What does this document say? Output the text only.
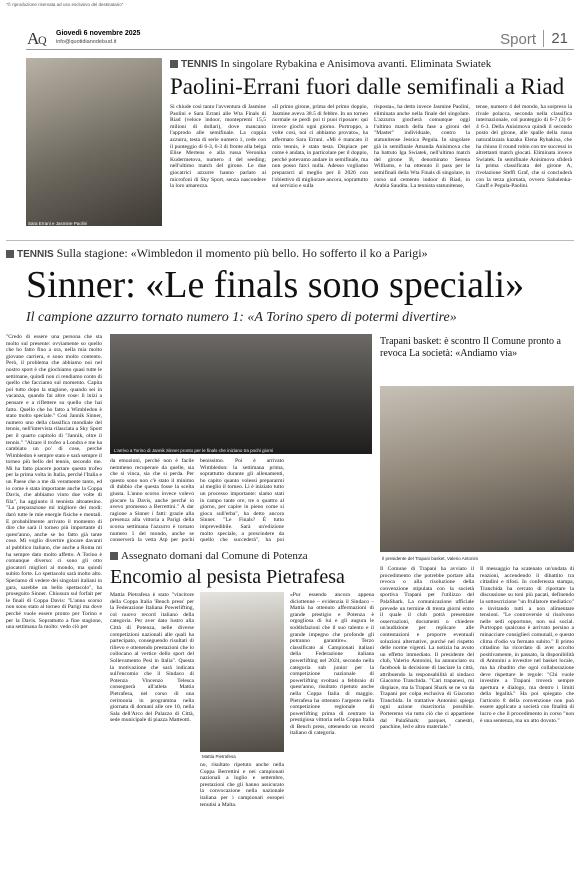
"© riproduzione riservata ad uso esclusivo del destinatario"
A
Q Giovedì 6 novembre 2025
info@quotidianodelsud.it	Sport 21
Sara Errani e Jasmine Paolini
TENNIS In singolare Rybakina e Anisimova avanti. Eliminata Swiatek
Paolini-Errani fuori dalle semifinali a Riad
Si chiude così tanto l'avventura di Jasmine Paolini e Sara Errani alle Wta Finals di Riad (veloce indoor, montepremi 15,5 milioni di dollari), dove mancano l'approdo alle semifinale. La coppia azzurra, testa di serie numero 1, cede con il punteggio di 6-3, 6-3 di fronte alla belga Elise Mertens e alla russa Veronika Kudermetova, numero 4 del seeding; nell'ultimo match del girone. Le due giocatrici azzurre hanno parlato ai microfoni di Sky Sport, senza nascondere la loro amarezza.
«Il primo girone, prima del primo doppio, Jasmine aveva 38.5 di febbre. In un torneo normale se perdi poi ti puoi riposare: qui invece giochi ogni giorno. Purtroppo, a volte così, noi ci abbiamo provato», ha affermato Sara Errani. «Mi è mancato il mio tennis, è stata testa. Dispiace per come è andata, in particolare per il doppio, perché potevamo andare in semifinale, ma non posso farci nulla. Adesso vogliamo prepararci al meglio per il 2026 con l'obiettivo di migliorare ancora, soprattutto sul servizio e sulla
risposta», ha detto invece Jasmine Paolini, eliminata anche nella finale del singolare. L'azzurra giocherà comunque oggi l'ultimo match della fase a gironi del "Master" individuale, contro la statunitense Jessica Pegula. In singolare già in semifinale Amanda Anisimova che ha battuto Iga Swiatek, nell'ultimo match del girone B, denominato Serena Williams, e ha ottenuto il pass per le semifinali della Wta Finals di singolare, in corso sul cemento indoor di Riad, in Arabia Saudita. La tennista statunitense,
tense, numero 4 del mondo, ha sorpreso la rivale polacca, seconda nella classifica internazionale, col punteggio di 6-7 (3) 6-4 6-3. Della Anisimova quindi il secondo posto del girone, alle spalle della russa naturalizzata kazaka Elena Rybakina, che ha chiuso il round robin con tre successi in altrettanti match giocati. Eliminata invece Swiatek. In semifinale Anisimova sfiderà la prima classificata del girone A, rivelazione Steffi Graf, che si concluderà con la terza giornata, ovvero Sabalenka-Gauff e Pegula-Paolini.
TENNIS Sulla stagione: «Wimbledon il momento più bello. Ho sofferto il ko a Parigi»
Sinner: «Le finals sono speciali»
Il campione azzurro tornato numero 1: «A Torino spero di potermi divertire»
"Credo di essere una persona che sta molto sul presente: ovviamente so quello che ho fatto fino a ora, nella mia molto giovane carriera, e sono molto contento. Però, il problema che abbiamo noi nel nostro sport è che giochiamo quasi tutte le settimane, quindi non ci rendiamo conto di quello che facciamo sul momento. Capita poi tutto dopo la stagione, quando sei in vacanza, quando fai altre cose: lì inizi a pensare e a riflettere su quello che hai fatto. Quello che ho fatto a Wimbledon è stato molto speciale." Così Jannik Sinner, numero uno della classifica mondiale del tennis, nell'intervista rilasciata a Sky Sport per il quarto capitolo di "Jannik, oltre il tennis." "Alzare il trofeo a Londra e me ha cambiato un po' di cose, perché Wimbledon è sempre stato e sarà sempre il torneo più bello del tennis, secondo me. Mi ha fatto piacere portare questo trofeo per la prima volta in Italia, perché l'Italia e un Paese che a me dà veramente tanto, ed io come è stata importante anche la Coppa Davis, che abbiamo vinto due volte di fila", ha aggiunto il tennista altoatesino. "La preparazione mi migliore dei modi: darò tutte le mie energie fisiche e mentali. E probabilmente arrivato il momento di dire che sarà il torneo più importante di quest'anno, anche se ho fatto già tante cose. Mi voglio divertire giocare davanti al pubblico italiano, che anche a Roma mi ha sempre dato molto affetto. A Torino è comunque diverso: ci sono gli otto giocatori migliori al mondo, ma quindi subito forte. Lo spettacolo sarà molto alto. Speriamo di vedere dei singolari italiani in gara, sarebbe un bello spettacolo", ha proseguito Sinner. Chiusura sul forfait per le finali di Coppa Davis: "L'anno scorso non sono stato al torneo di Parigi ma dove perché vuole essere pronto per Torino e per la Davis. Soprattutto a fine stagione, una settimana fa molto: vedo ciò per
L'arrivo a Torino di Jannik Sinner pronto per le finals che iniziano tra pochi giorni
da emozioni, perché non è facile nemmeno recuperare da quelle, sia che si vinca, sia che si perda. Per questo sono non c'è stato il minimo di dubbio che questa fosse la scelta giusta. L'anno scorso invece volevo giocare la Davis, anche perché io avevo promesso a Berrettini." A dar ragione a Sinner i fatti: grazie alla presenza alla vittoria a Parigi della scorsa settimana l'azzurro è tornato numero 1 del mondo, anche se conserverà la vetta Atp per pochi
benissimo. Poi è arrivato Wimbledon: la settimana prima, soprattutto durante gli allenamenti, ho capito quanto volessi prepararmi al meglio il torneo. Lì è iniziato tutto un processo importante: siamo stati in campo tante ore, tre o quattro al giorno, per capire in pieno come si gioca sull'erba", ha detto ancora Sinner. "Le Finals? È tutto imprevedibile. Sarà un'edizione molto speciale, a prescindere da quello che succederà", ha poi
Trapani basket: è scontro Il Comune pronto a revoca La società: «Andiamo via»
Il presidente del Trapani basket, Valerio Antonini
Il Comune di Trapani ha avviato il procedimento che potrebbe portare alla revoca o alla risoluzione della convenzione stipulata con la società sportiva Trapani per l'utilizzo del PalaShark. La comunicazione ufficiale prevede un termine di trenta giorni entro il quale il club potrà presentare osservazioni, documenti o chiedere un'audizione per replicare alle contestazioni e proporre eventuali soluzioni alternative, purché nel rispetto delle norme vigenti. La notizia ha avuto un effetto immediato. Il presidente del club, Valerio Antonini, ha annunciato su facebook la decisione di lasciare la città, attribuendo la responsabilità al sindaco Giacomo Tranchida. "Cari trapanesi, mi dispiace, ma la Trapani Shark se ne va da Trapani per colpa esclusiva di Giacomo Tranchida. In trattative Antonini spiega ogni azione risarcitoria possibile. Porteremo via tutto ciò che ci appartiene dal PalaShark: parquet, canestri, panchine, led e altro materiale."
Il messaggio ha scatenato un'ondata di reazioni, accendendo il dibattito tra cittadini e tifosi. In conferenza stampa, Tranchida ha cercato di riportare la discussione su toni più pacati, definendo la sottoscrizione "un frullatore mediatico" e invitando tutti a non alimentare tensioni. "Le controversie si risolvono nelle sedi opportune, non sui social. Purtroppo qualcuno è arrivato persino a minacciare consiglieri comunali, e questo clima d'odio va fermato subito." Il primo cittadino ha ricordato di aver accolto positivamente, in passato, la disponibilità di Antonini a investire nel basket locale, ma ha ribadito che ogni collaborazione deve rispettare le regole: "Chi vuole investire a Trapani troverà sempre apertura e dialogo, ma dentro i limiti della legalità." Ha poi spiegato che l'articolo 8 della convenzione non può essere applicato a società con finalità di lucro e che il procedimento in corso "non è una sentenza, ma un atto dovuto."
Assegnato domani dal Comune di Potenza
Encomio al pesista Pietrafesa
Mattia Pietrafesa è stato "vincitore della Coppa Italia 'Bench press' per la Federazione Italiana Powerlifting, col nuovo record italiano della categoria. Per aver dato lustro alla Città di Potenza, nelle diverse competizioni nazionali alle quali ha partecipato, conseguendo risultati di rilievo e ottenendo prestazioni che lo collocano al vertice dello sport del Sollevamento Pesi in Italia". Questa la motivazione che sarà indicata sull'encomio che il Sindaco di Potenza Vincenzo Telesca consegnerà all'atleta Mattia Pietrafesa, nel corso di una cerimonia in programma nella giornata di domani alle ore 10, nella Sala dell'Arco del Palazzo di Città, sede municipale di piazza Matteotti.
Mattia Pietrafesa
no, risultato ripetuto anche nella Coppa Berrettini e nei campionati nazionali a luglio e settembre, prestazioni che gli hanno assicurato la convocazione nella nazionale italiana per i campionati europei tenutisi a Malta.
«Pur essendo ancora appena diciottenne – evidenzia il Sindaco – Mattia ha ottenuto affermazioni di grande prestigio e Potenza è orgogliosa di lui e gli augura le soddisfazioni che il suo talento e il grande impegno che profonde gli potranno garantire». Terzo classificato ai Campionati italiani della Federazione italiana powerlifting nel 2024, secondo nella categoria sub junior per la competizione nazionale di powerlifting svoltasi a febbraio di quest'anno, risultato ripetuto anche nella Coppa Italia di maggio. Pietrafesa ha ottenuto l'argento nella competizione regionale di powerlifting prima di centrare la prestigiosa vittoria nella Coppa Italia di Bench press, ottenendo un record italiano di categoria.
